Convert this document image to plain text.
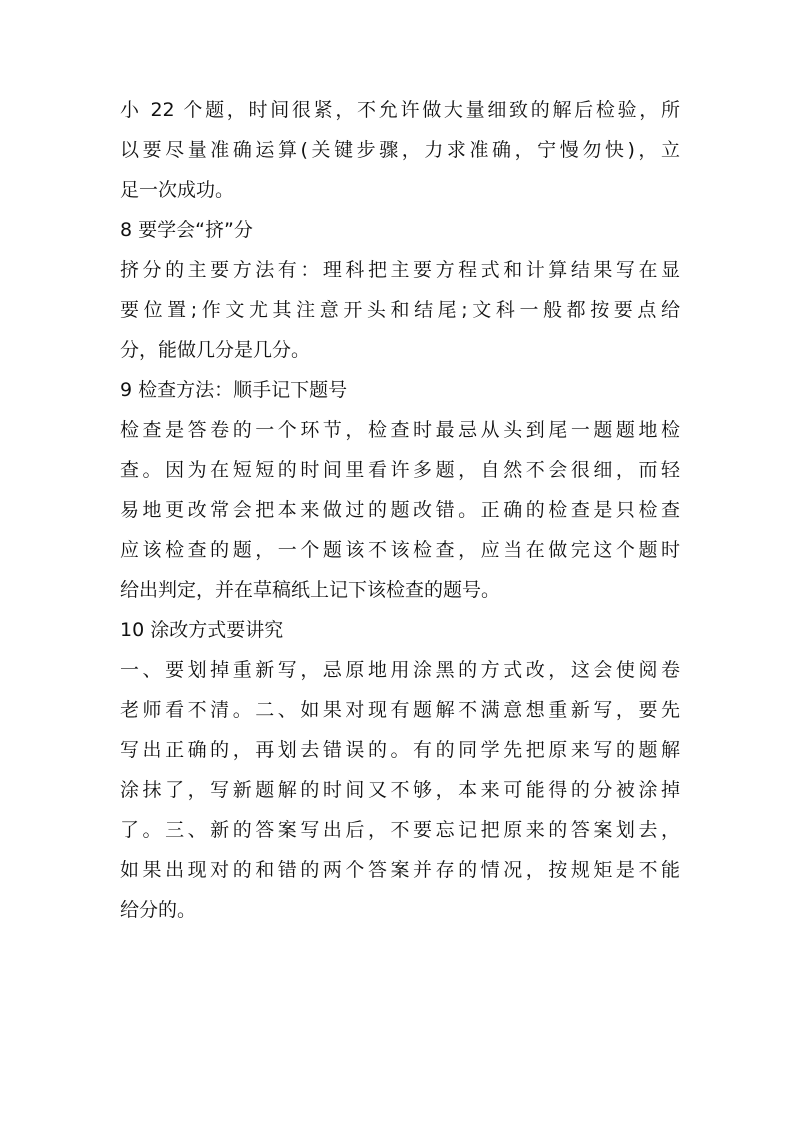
小 22 个题，时间很紧，不允许做大量细致的解后检验，所
以要尽量准确运算(关键步骤，力求准确，宁慢勿快)，立
足一次成功。
8 要学会“挤”分
挤分的主要方法有：理科把主要方程式和计算结果写在显
要位置;作文尤其注意开头和结尾;文科一般都按要点给
分，能做几分是几分。
9 检查方法：顺手记下题号
检查是答卷的一个环节，检查时最忌从头到尾一题题地检
查。因为在短短的时间里看许多题，自然不会很细，而轻
易地更改常会把本来做过的题改错。正确的检查是只检查
应该检查的题，一个题该不该检查，应当在做完这个题时
给出判定，并在草稿纸上记下该检查的题号。
10 涂改方式要讲究
一、要划掉重新写，忌原地用涂黑的方式改，这会使阅卷
老师看不清。二、如果对现有题解不满意想重新写，要先
写出正确的，再划去错误的。有的同学先把原来写的题解
涂抹了，写新题解的时间又不够，本来可能得的分被涂掉
了。三、新的答案写出后，不要忘记把原来的答案划去，
如果出现对的和错的两个答案并存的情况，按规矩是不能
给分的。
